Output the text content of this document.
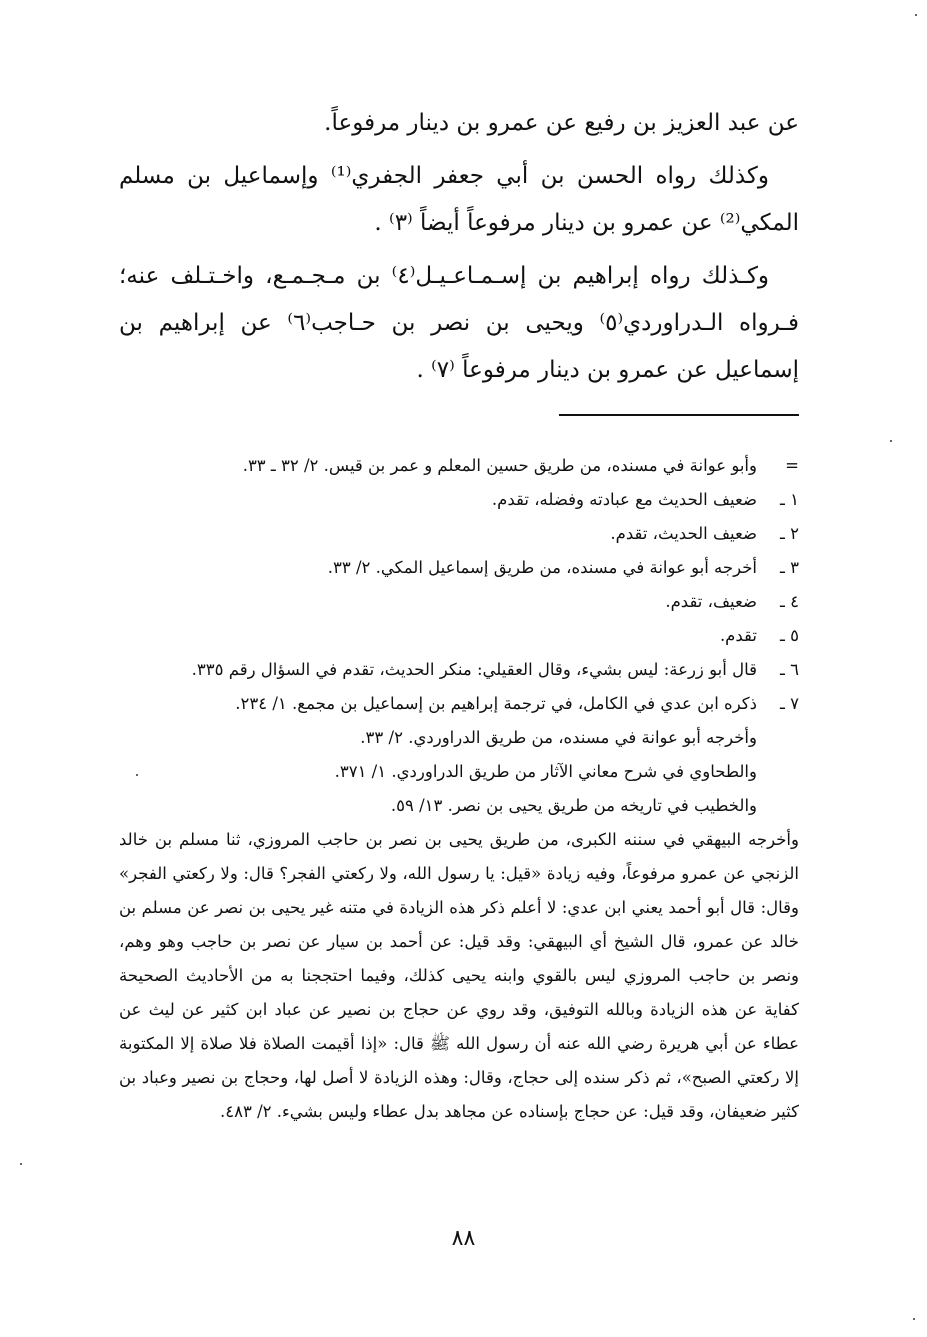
عن عبد العزيز بن رفيع عن عمرو بن دينار مرفوعاً.

وكذلك رواه الحسن بن أبي جعفر الجفري⁽¹⁾ وإسماعيل بن مسلم المكي⁽²⁾ عن عمرو بن دينار مرفوعاً أيضاً ⁽٣⁾ .

وكـذلك رواه إبراهيم بن إسـمـاعـيـل⁽٤⁾ بن مـجـمـع، واخـتـلف عنه؛ فـرواه الـدراوردي⁽٥⁾ ويحيى بن نصر بن حـاجب⁽٦⁾ عن إبراهيم بن إسماعيل عن عمرو بن دينار مرفوعاً ⁽٧⁾ .

=
وأبو عوانة في مسنده، من طريق حسين المعلم و عمر بن قيس. ٢/ ٣٢ ـ ٣٣.
١ ـ
ضعيف الحديث مع عبادته وفضله، تقدم.
٢ ـ
ضعيف الحديث، تقدم.
٣ ـ
أخرجه أبو عوانة في مسنده، من طريق إسماعيل المكي. ٢/ ٣٣.
٤ ـ
ضعيف، تقدم.
٥ ـ
تقدم.
٦ ـ
قال أبو زرعة: ليس بشيء، وقال العقيلي: منكر الحديث، تقدم في السؤال رقم ٣٣٥.
٧ ـ
ذكره ابن عدي في الكامل، في ترجمة إبراهيم بن إسماعيل بن مجمع. ١/ ٢٣٤.
وأخرجه أبو عوانة في مسنده، من طريق الدراوردي. ٢/ ٣٣.
والطحاوي في شرح معاني الآثار من طريق الدراوردي. ١/ ٣٧١.
والخطيب في تاريخه من طريق يحيى بن نصر. ١٣/ ٥٩.
وأخرجه البيهقي في سننه الكبرى، من طريق يحيى بن نصر بن حاجب المروزي، ثنا مسلم بن خالد الزنجي عن عمرو مرفوعاً، وفيه زيادة «قيل: يا رسول الله، ولا ركعتي الفجر؟ قال: ولا ركعتي الفجر» وقال: قال أبو أحمد يعني ابن عدي: لا أعلم ذكر هذه الزيادة في متنه غير يحيى بن نصر عن مسلم بن خالد عن عمرو، قال الشيخ أي البيهقي: وقد قيل: عن أحمد بن سيار عن نصر بن حاجب وهو وهم، ونصر بن حاجب المروزي ليس بالقوي وابنه يحيى كذلك، وفيما احتججنا به من الأحاديث الصحيحة كفاية عن هذه الزيادة وبالله التوفيق، وقد روي عن حجاج بن نصير عن عباد ابن كثير عن ليث عن عطاء عن أبي هريرة رضي الله عنه أن رسول الله ﷺ قال: «إذا أقيمت الصلاة فلا صلاة إلا المكتوبة إلا ركعتي الصبح»، ثم ذكر سنده إلى حجاج، وقال: وهذه الزيادة لا أصل لها، وحجاج بن نصير وعباد بن كثير ضعيفان، وقد قيل: عن حجاج بإسناده عن مجاهد بدل عطاء وليس بشيء. ٢/ ٤٨٣.
٨٨
